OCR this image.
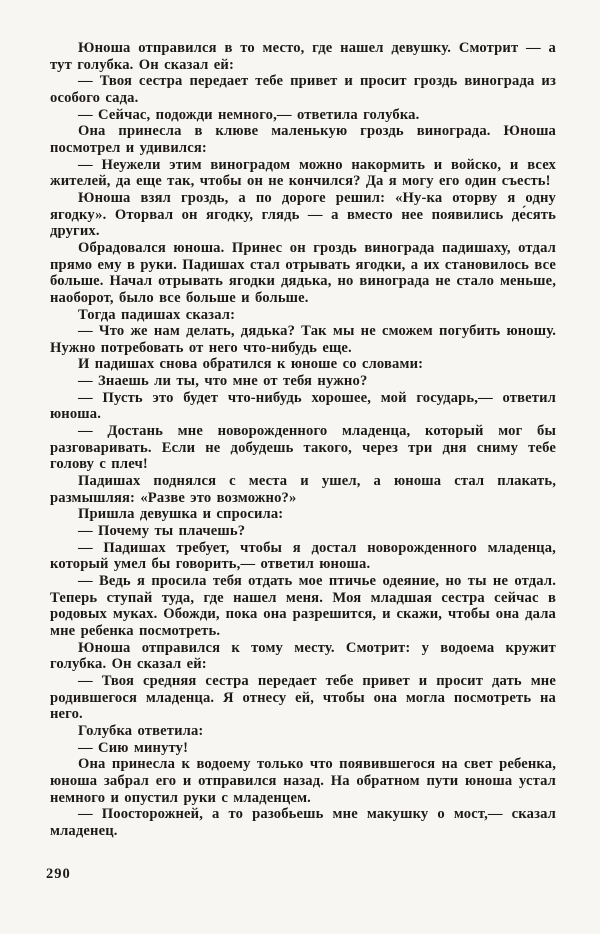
Юноша отправился в то место, где нашел девушку. Смотрит — а тут голубка. Он сказал ей:

— Твоя сестра передает тебе привет и просит гроздь винограда из особого сада.

— Сейчас, подожди немного,— ответила голубка.

Она принесла в клюве маленькую гроздь винограда. Юноша посмотрел и удивился:

— Неужели этим виноградом можно накормить и войско, и всех жителей, да еще так, чтобы он не кончился? Да я могу его один съесть!

Юноша взял гроздь, а по дороге решил: «Ну-ка оторву я одну ягодку». Оторвал он ягодку, глядь — а вместо нее появились де́сять других.

Обрадовался юноша. Принес он гроздь винограда падишаху, отдал прямо ему в руки. Падишах стал отрывать ягодки, а их становилось все больше. Начал отрывать ягодки дядька, но винограда не стало меньше, наоборот, было все больше и больше.

Тогда падишах сказал:

— Что же нам делать, дядька? Так мы не сможем погубить юношу. Нужно потребовать от него что-нибудь еще.

И падишах снова обратился к юноше со словами:

— Знаешь ли ты, что мне от тебя нужно?

— Пусть это будет что-нибудь хорошее, мой государь,— ответил юноша.

— Достань мне новорожденного младенца, который мог бы разговаривать. Если не добудешь такого, через три дня сниму тебе голову с плеч!

Падишах поднялся с места и ушел, а юноша стал плакать, размышляя: «Разве это возможно?»

Пришла девушка и спросила:

— Почему ты плачешь?

— Падишах требует, чтобы я достал новорожденного младенца, который умел бы говорить,— ответил юноша.

— Ведь я просила тебя отдать мое птичье одеяние, но ты не отдал. Теперь ступай туда, где нашел меня. Моя младшая сестра сейчас в родовых муках. Обожди, пока она разрешится, и скажи, чтобы она дала мне ребенка посмотреть.

Юноша отправился к тому месту. Смотрит: у водоема кружит голубка. Он сказал ей:

— Твоя средняя сестра передает тебе привет и просит дать мне родившегося младенца. Я отнесу ей, чтобы она могла посмотреть на него.

Голубка ответила:

— Сию минуту!

Она принесла к водоему только что появившегося на свет ребенка, юноша забрал его и отправился назад. На обратном пути юноша устал немного и опустил руки с младенцем.

— Поосторожней, а то разобьешь мне макушку о мост,— сказал младенец.

290
